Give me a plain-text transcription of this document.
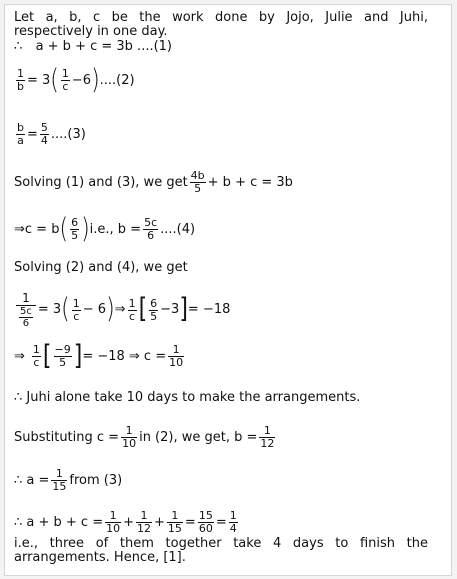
Let a, b, c be the work done by Jojo, Julie and Juhi,
respectively in one day.
∴ a + b + c = 3b ....(1)
$\frac{1}{b} = 3( \frac{1}{c} -6)....(2)$
$\frac{b}{a} = \frac{5}{4} ....(3)$
Solving (1) and (3), we get $\frac{4b}{5} + b + c = 3b$
⇒c = $b( \frac{6}{5} )i.e$., $b = \frac{5c}{6} ....(4)$
Solving (2) and (4), we get
$\frac{1}{\frac{5c}{6}} = 3( \frac{1}{c}$ − 6)⇒ $\frac{1}{c}$ [ $\frac{6}{5} -3]= -18$
⇒ $\frac{1}{c}$ [ $\frac{-9}{5}$ ]= −18 ⇒ $c = \frac{1}{10}$
∴ Juhi alone take 10 days to make the arrangements.
Substituting $c = \frac{1}{10}$ in (2), we get, $b = \frac{1}{12}$
∴ $a = \frac{1}{15}$ from (3)
∴ $a + b + c = \frac{1}{10} + \frac{1}{12} + \frac{1}{15} = \frac{15}{60} = \frac{1}{4}$
i.e., three of them together take 4 days to finish the
arrangements. Hence, [1].
